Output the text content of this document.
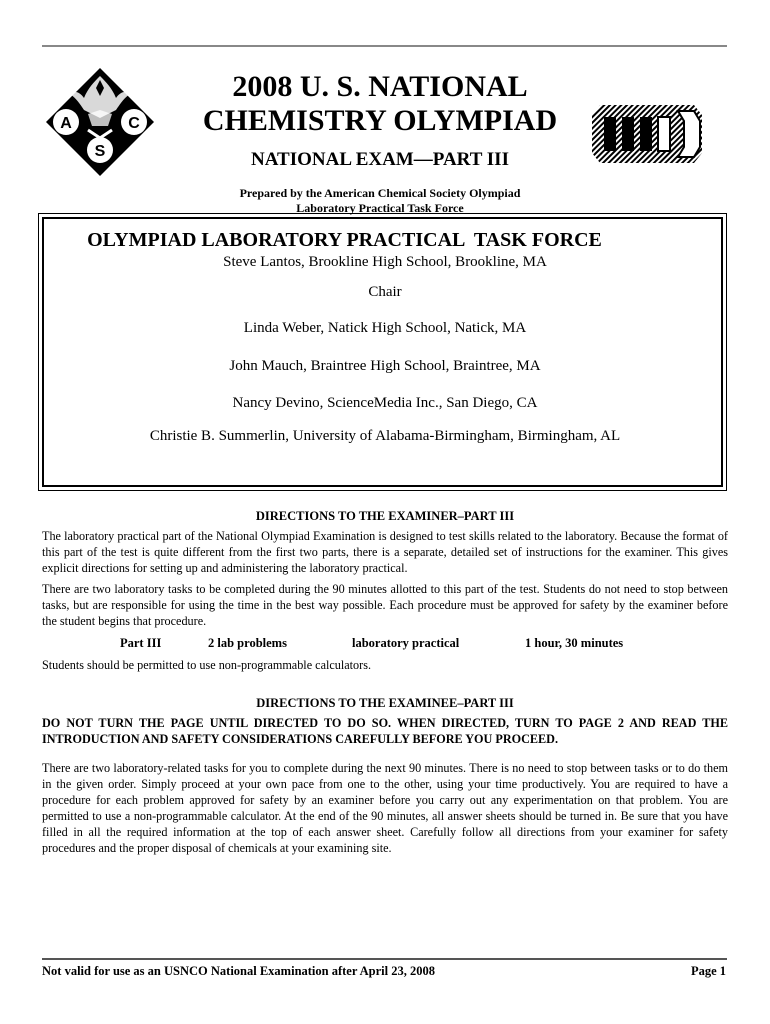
A	C
S
2008 U. S. NATIONAL
CHEMISTRY OLYMPIAD
NATIONAL EXAM—PART III
Prepared by the American Chemical Society Olympiad
Laboratory Practical Task Force
OLYMPIAD LABORATORY PRACTICAL  TASK FORCE
Steve Lantos, Brookline High School, Brookline, MA
Chair
Linda Weber, Natick High School, Natick, MA
John Mauch, Braintree High School, Braintree, MA
Nancy Devino, ScienceMedia Inc., San Diego, CA
Christie B. Summerlin, University of Alabama-Birmingham, Birmingham, AL
DIRECTIONS TO THE EXAMINER–PART III

The laboratory practical part of the National Olympiad Examination is designed to test skills related to the laboratory. Because the format of this part of the test is quite different from the first two parts, there is a separate, detailed set of instructions for the examiner. This gives explicit directions for setting up and administering the laboratory practical.

There are two laboratory tasks to be completed during the 90 minutes allotted to this part of the test. Students do not need to stop between tasks, but are responsible for using the time in the best way possible. Each procedure must be approved for safety by the examiner before the student begins that procedure.

Part III	2 lab problems	laboratory practical	1 hour, 30 minutes

Students should be permitted to use non-programmable calculators.

DIRECTIONS TO THE EXAMINEE–PART III

DO NOT TURN THE PAGE UNTIL DIRECTED TO DO SO. WHEN DIRECTED, TURN TO PAGE 2 AND READ THE INTRODUCTION AND SAFETY CONSIDERATIONS CAREFULLY BEFORE YOU PROCEED.

There are two laboratory-related tasks for you to complete during the next 90 minutes. There is no need to stop between tasks or to do them in the given order. Simply proceed at your own pace from one to the other, using your time productively. You are required to have a procedure for each problem approved for safety by an examiner before you carry out any experimentation on that problem. You are permitted to use a non-programmable calculator. At the end of the 90 minutes, all answer sheets should be turned in. Be sure that you have filled in all the required information at the top of each answer sheet. Carefully follow all directions from your examiner for safety procedures and the proper disposal of chemicals at your examining site.

Not valid for use as an USNCO National Examination after April 23, 2008	Page 1
